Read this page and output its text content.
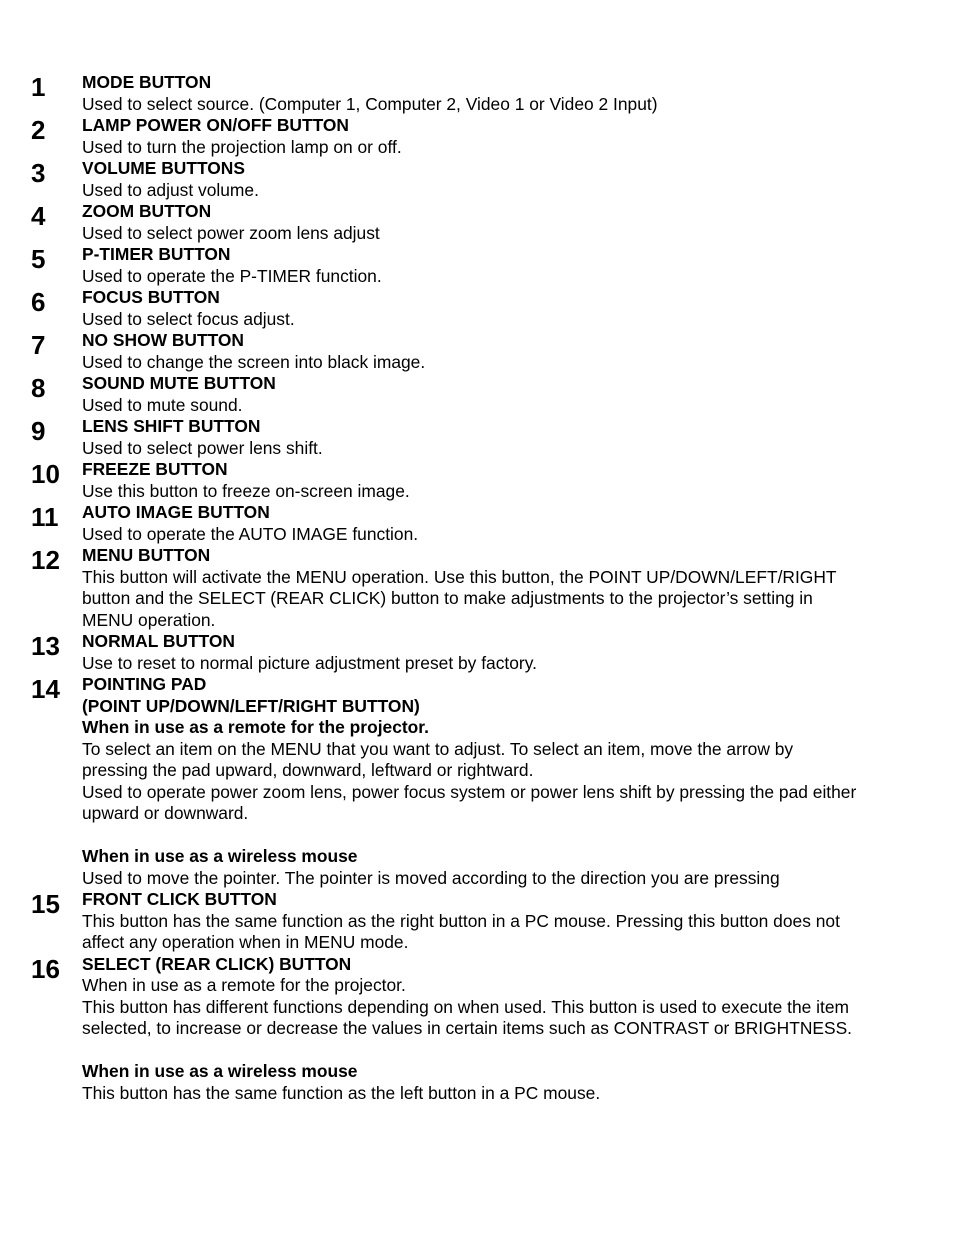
1 MODE BUTTON
Used to select source. (Computer 1, Computer 2, Video 1 or Video 2 Input)
2 LAMP POWER ON/OFF BUTTON
Used to turn the projection lamp on or off.
3 VOLUME BUTTONS
Used to adjust volume.
4 ZOOM BUTTON
Used to select power zoom lens adjust
5 P-TIMER BUTTON
Used to operate the P-TIMER function.
6 FOCUS BUTTON
Used to select focus adjust.
7 NO SHOW BUTTON
Used to change the screen into black image.
8 SOUND MUTE BUTTON
Used to mute sound.
9 LENS SHIFT BUTTON
Used to select power lens shift.
10 FREEZE BUTTON
Use this button to freeze on-screen image.
11 AUTO IMAGE BUTTON
Used to operate the AUTO IMAGE function.
12 MENU BUTTON
This button will activate the MENU operation. Use this button, the POINT UP/DOWN/LEFT/RIGHT
button and the SELECT (REAR CLICK) button to make adjustments to the projector’s setting in
MENU operation.
13 NORMAL BUTTON
Use to reset to normal picture adjustment preset by factory.
14 POINTING PAD
(POINT UP/DOWN/LEFT/RIGHT BUTTON)
When in use as a remote for the projector.
To select an item on the MENU that you want to adjust. To select an item, move the arrow by
pressing the pad upward, downward, leftward or rightward.
Used to operate power zoom lens, power focus system or power lens shift by pressing the pad either
upward or downward.
When in use as a wireless mouse
Used to move the pointer. The pointer is moved according to the direction you are pressing
15 FRONT CLICK BUTTON
This button has the same function as the right button in a PC mouse. Pressing this button does not
affect any operation when in MENU mode.
16 SELECT (REAR CLICK) BUTTON
When in use as a remote for the projector.
This button has different functions depending on when used. This button is used to execute the item
selected, to increase or decrease the values in certain items such as CONTRAST or BRIGHTNESS.
When in use as a wireless mouse
This button has the same function as the left button in a PC mouse.
